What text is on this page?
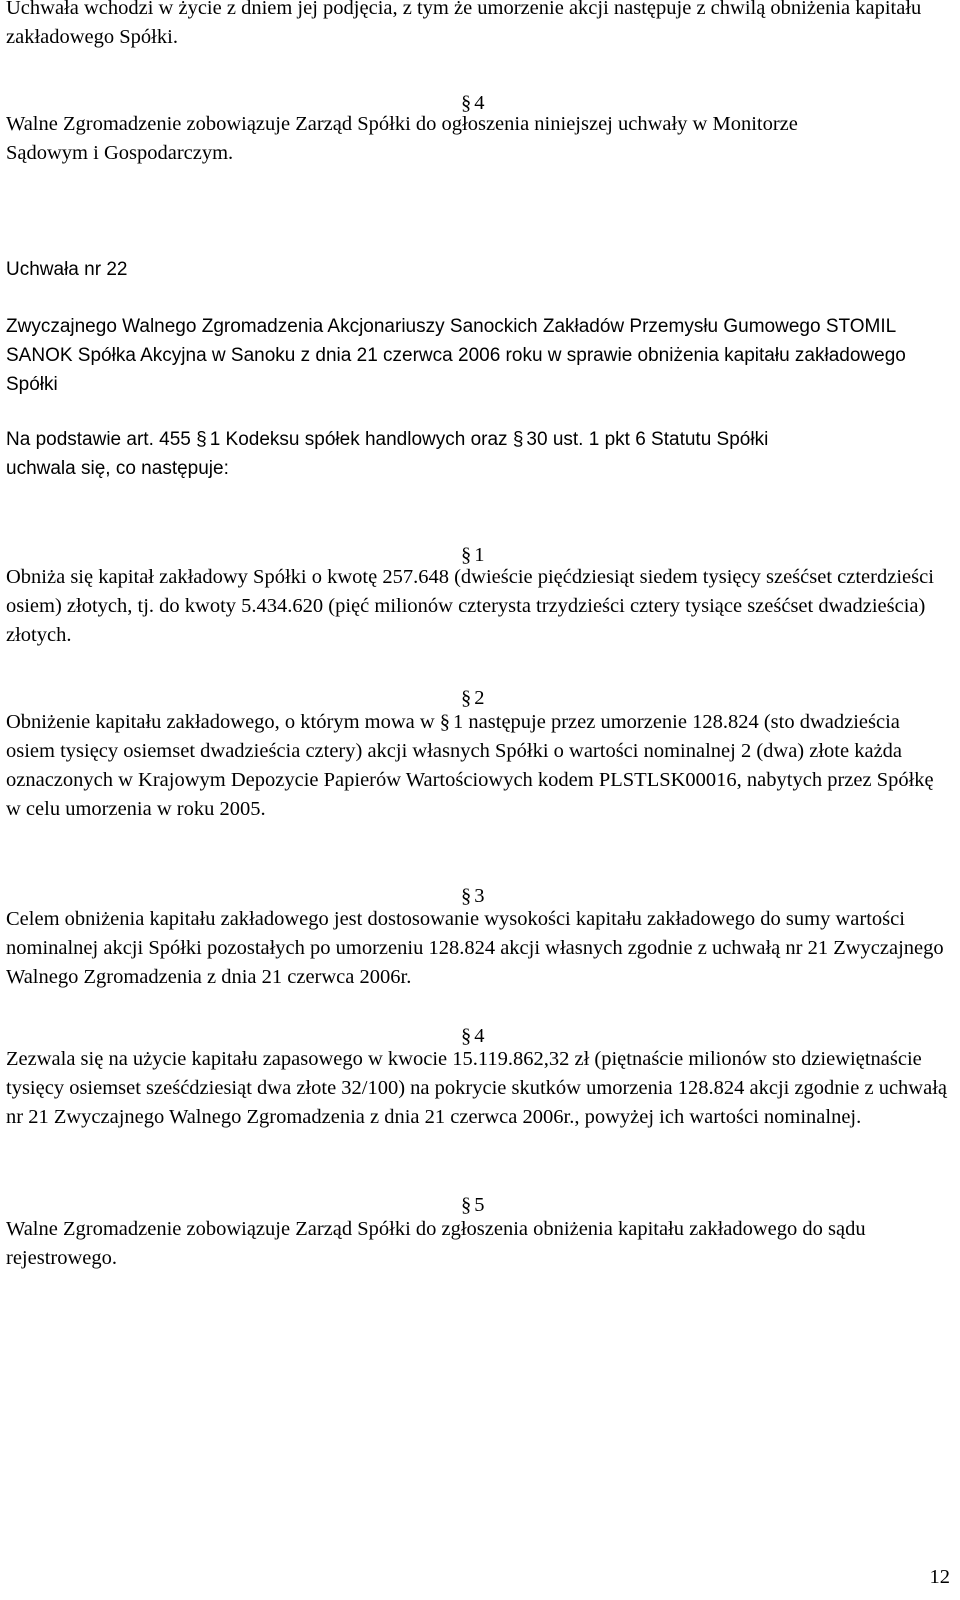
Uchwała wchodzi w życie z dniem jej podjęcia, z tym że umorzenie akcji następuje z chwilą obniżenia kapitału zakładowego Spółki.

§ 4

Walne Zgromadzenie zobowiązuje Zarząd Spółki do ogłoszenia niniejszej uchwały w Monitorze Sądowym i Gospodarczym.

Uchwała nr 22

Zwyczajnego Walnego Zgromadzenia Akcjonariuszy Sanockich Zakładów Przemysłu Gumowego STOMIL SANOK Spółka Akcyjna w Sanoku z dnia 21 czerwca 2006 roku w sprawie obniżenia kapitału zakładowego Spółki

Na podstawie art. 455 § 1 Kodeksu spółek handlowych oraz § 30 ust. 1 pkt 6 Statutu Spółki
uchwala się, co następuje:
§ 1

Obniża się kapitał zakładowy Spółki o kwotę 257.648 (dwieście pięćdziesiąt siedem tysięcy sześćset czterdzieści osiem) złotych, tj. do kwoty 5.434.620 (pięć milionów czterysta trzydzieści cztery tysiące sześćset dwadzieścia) złotych.

§ 2

Obniżenie kapitału zakładowego, o którym mowa w § 1 następuje przez umorzenie 128.824 (sto dwadzieścia osiem tysięcy osiemset dwadzieścia cztery) akcji własnych Spółki o wartości nominalnej 2 (dwa) złote każda oznaczonych w Krajowym Depozycie Papierów Wartościowych kodem PLSTLSK00016, nabytych przez Spółkę w celu umorzenia w roku 2005.

§ 3

Celem obniżenia kapitału zakładowego jest dostosowanie wysokości kapitału zakładowego do sumy wartości nominalnej akcji Spółki pozostałych po umorzeniu 128.824 akcji własnych zgodnie z uchwałą nr 21 Zwyczajnego Walnego Zgromadzenia z dnia 21 czerwca 2006r.

§ 4

Zezwala się na użycie kapitału zapasowego w kwocie 15.119.862,32 zł (piętnaście milionów sto dziewiętnaście tysięcy osiemset sześćdziesiąt dwa złote 32/100) na pokrycie skutków umorzenia 128.824 akcji zgodnie z uchwałą nr 21 Zwyczajnego Walnego Zgromadzenia z dnia 21 czerwca 2006r., powyżej ich wartości nominalnej.

§ 5

Walne Zgromadzenie zobowiązuje Zarząd Spółki do zgłoszenia obniżenia kapitału zakładowego do sądu rejestrowego.

12
